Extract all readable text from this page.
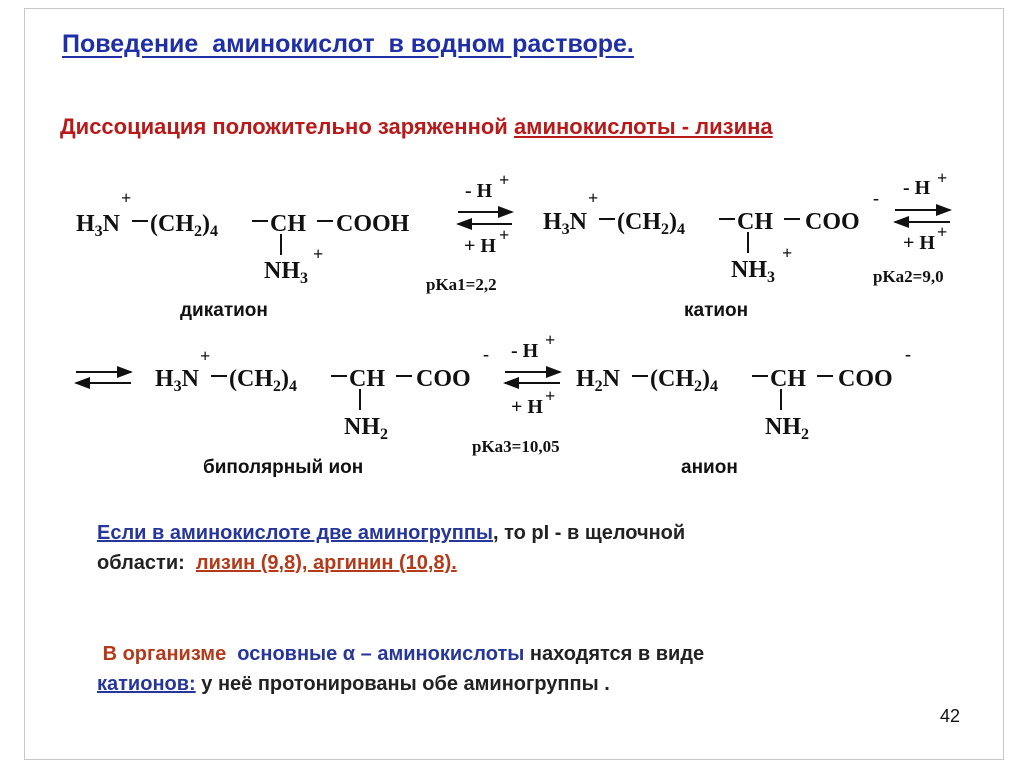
Поведение  аминокислот  в водном растворе.
Диссоциация положительно заряженной аминокислоты - лизина
+
$H_3N$ $(CH_2)_4$ CH COOH
$NH_3$
+
- H +
+ H +
pKa1=2,2
+
$H_3N$ $(CH_2)_4$ CH COO
-
$NH_3$
+
- H +
+ H +
pKa2=9,0
дикатион	катион
+
$H_3N$ $(CH_2)_4$ CH COO
-
$NH_2$
- H +
+ H +
pKa3=10,05
$H_2N$ $(CH_2)_4$ CH COO
-
$NH_2$
биполярный ион	анион
Если в аминокислоте две аминогруппы, то pI - в щелочной
области:  лизин (9,8), аргинин (10,8).
В организме  основные α – аминокислоты находятся в виде
катионов: у неё протонированы обе аминогруппы .
42
